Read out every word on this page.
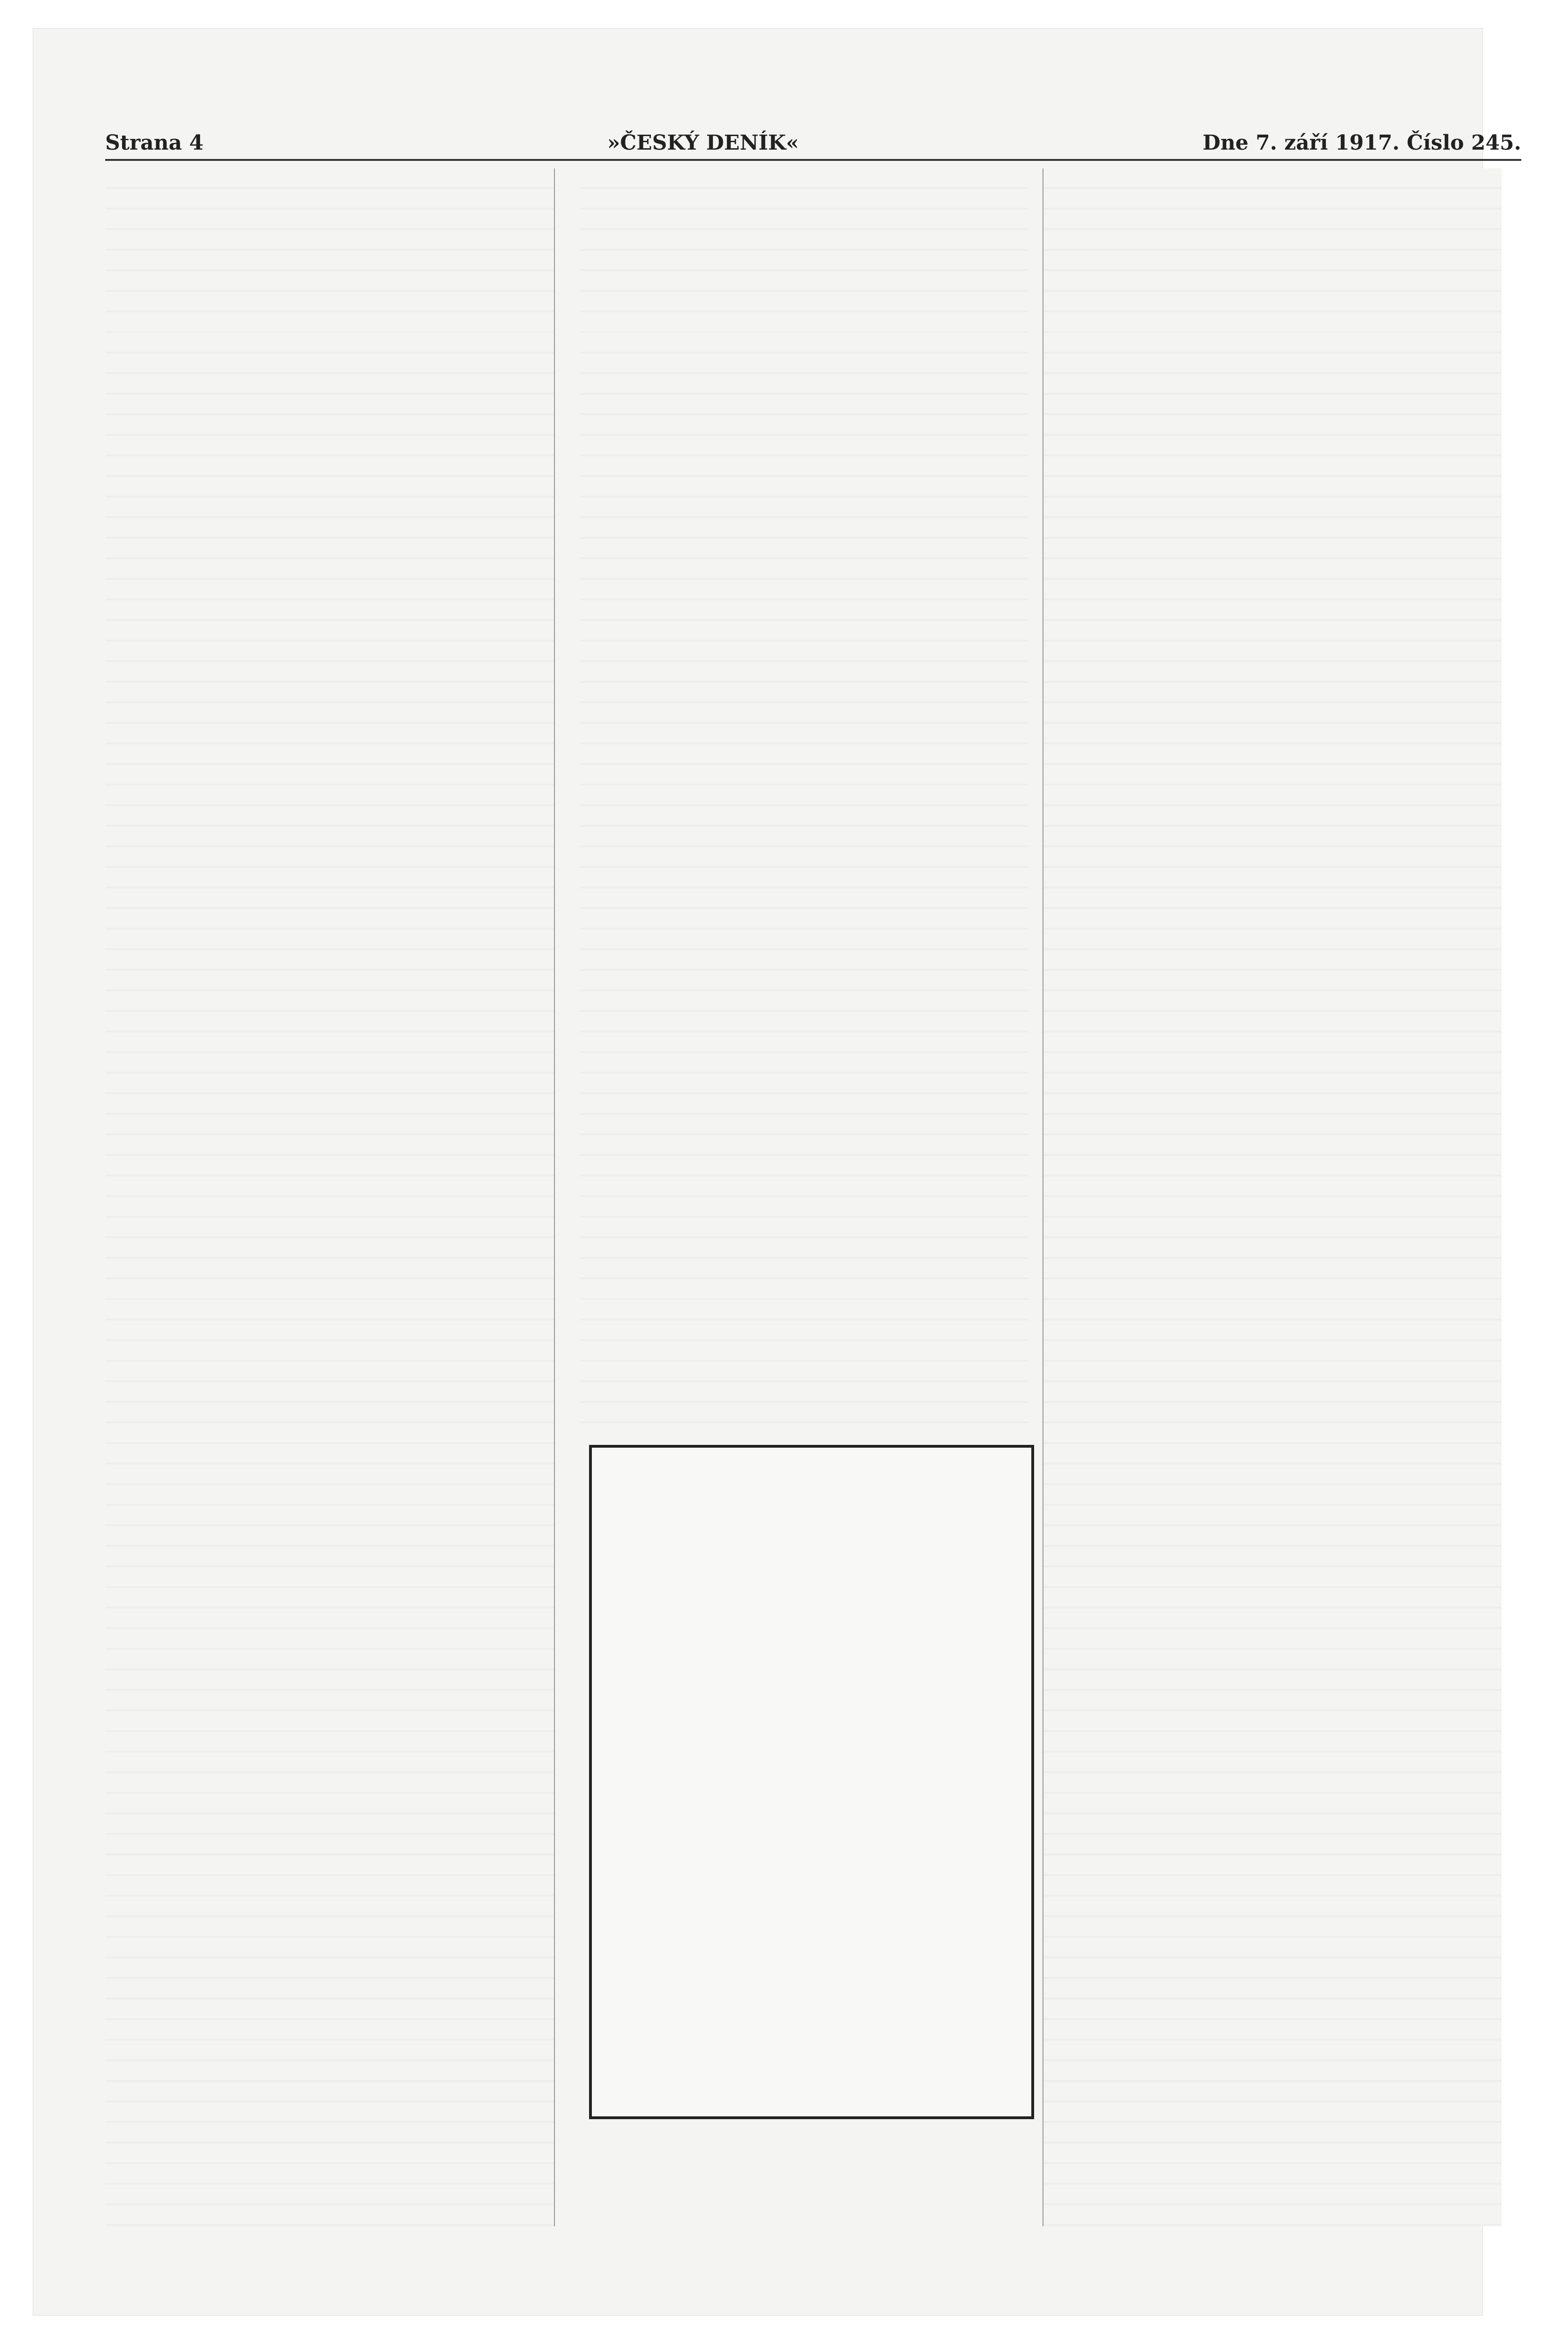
Strana 4	»ČESKÝ DENÍK«	Dne 7. září 1917. Číslo 245.
